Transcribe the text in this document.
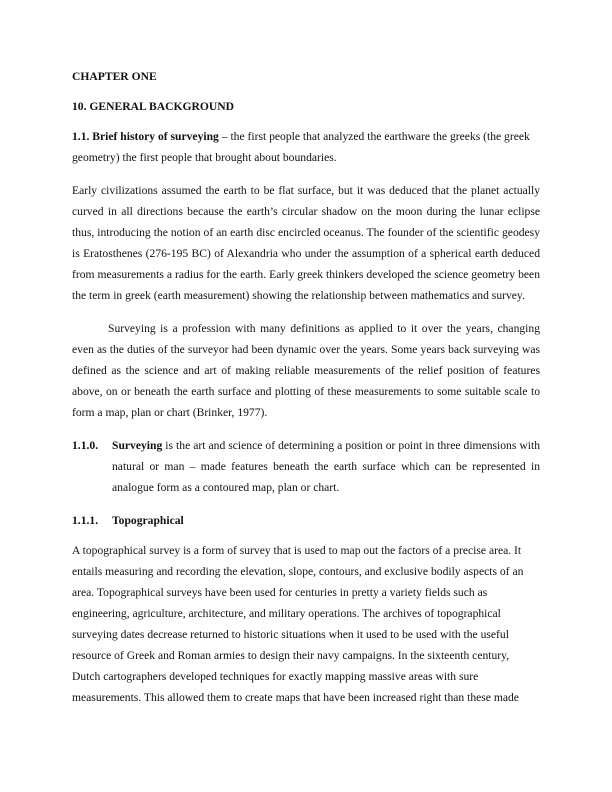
CHAPTER ONE

10. GENERAL BACKGROUND

1.1. Brief history of surveying – the first people that analyzed the earthware the greeks (the greek geometry) the first people that brought about boundaries.

Early civilizations assumed the earth to be flat surface, but it was deduced that the planet actually curved in all directions because the earth’s circular shadow on the moon during the lunar eclipse thus, introducing the notion of an earth disc encircled oceanus. The founder of the scientific geodesy is Eratosthenes (276-195 BC) of Alexandria who under the assumption of a spherical earth deduced from measurements a radius for the earth. Early greek thinkers developed the science geometry been the term in greek (earth measurement) showing the relationship between mathematics and survey.

Surveying is a profession with many definitions as applied to it over the years, changing even as the duties of the surveyor had been dynamic over the years. Some years back surveying was defined as the science and art of making reliable measurements of the relief position of features above, on or beneath the earth surface and plotting of these measurements to some suitable scale to form a map, plan or chart (Brinker, 1977).

1.1.0. Surveying is the art and science of determining a position or point in three dimensions with natural or man – made features beneath the earth surface which can be represented in analogue form as a contoured map, plan or chart.

1.1.1. Topographical

A topographical survey is a form of survey that is used to map out the factors of a precise area. It entails measuring and recording the elevation, slope, contours, and exclusive bodily aspects of an area. Topographical surveys have been used for centuries in pretty a variety fields such as engineering, agriculture, architecture, and military operations. The archives of topographical surveying dates decrease returned to historic situations when it used to be used with the useful resource of Greek and Roman armies to design their navy campaigns. In the sixteenth century, Dutch cartographers developed techniques for exactly mapping massive areas with sure measurements. This allowed them to create maps that have been increased right than these made
